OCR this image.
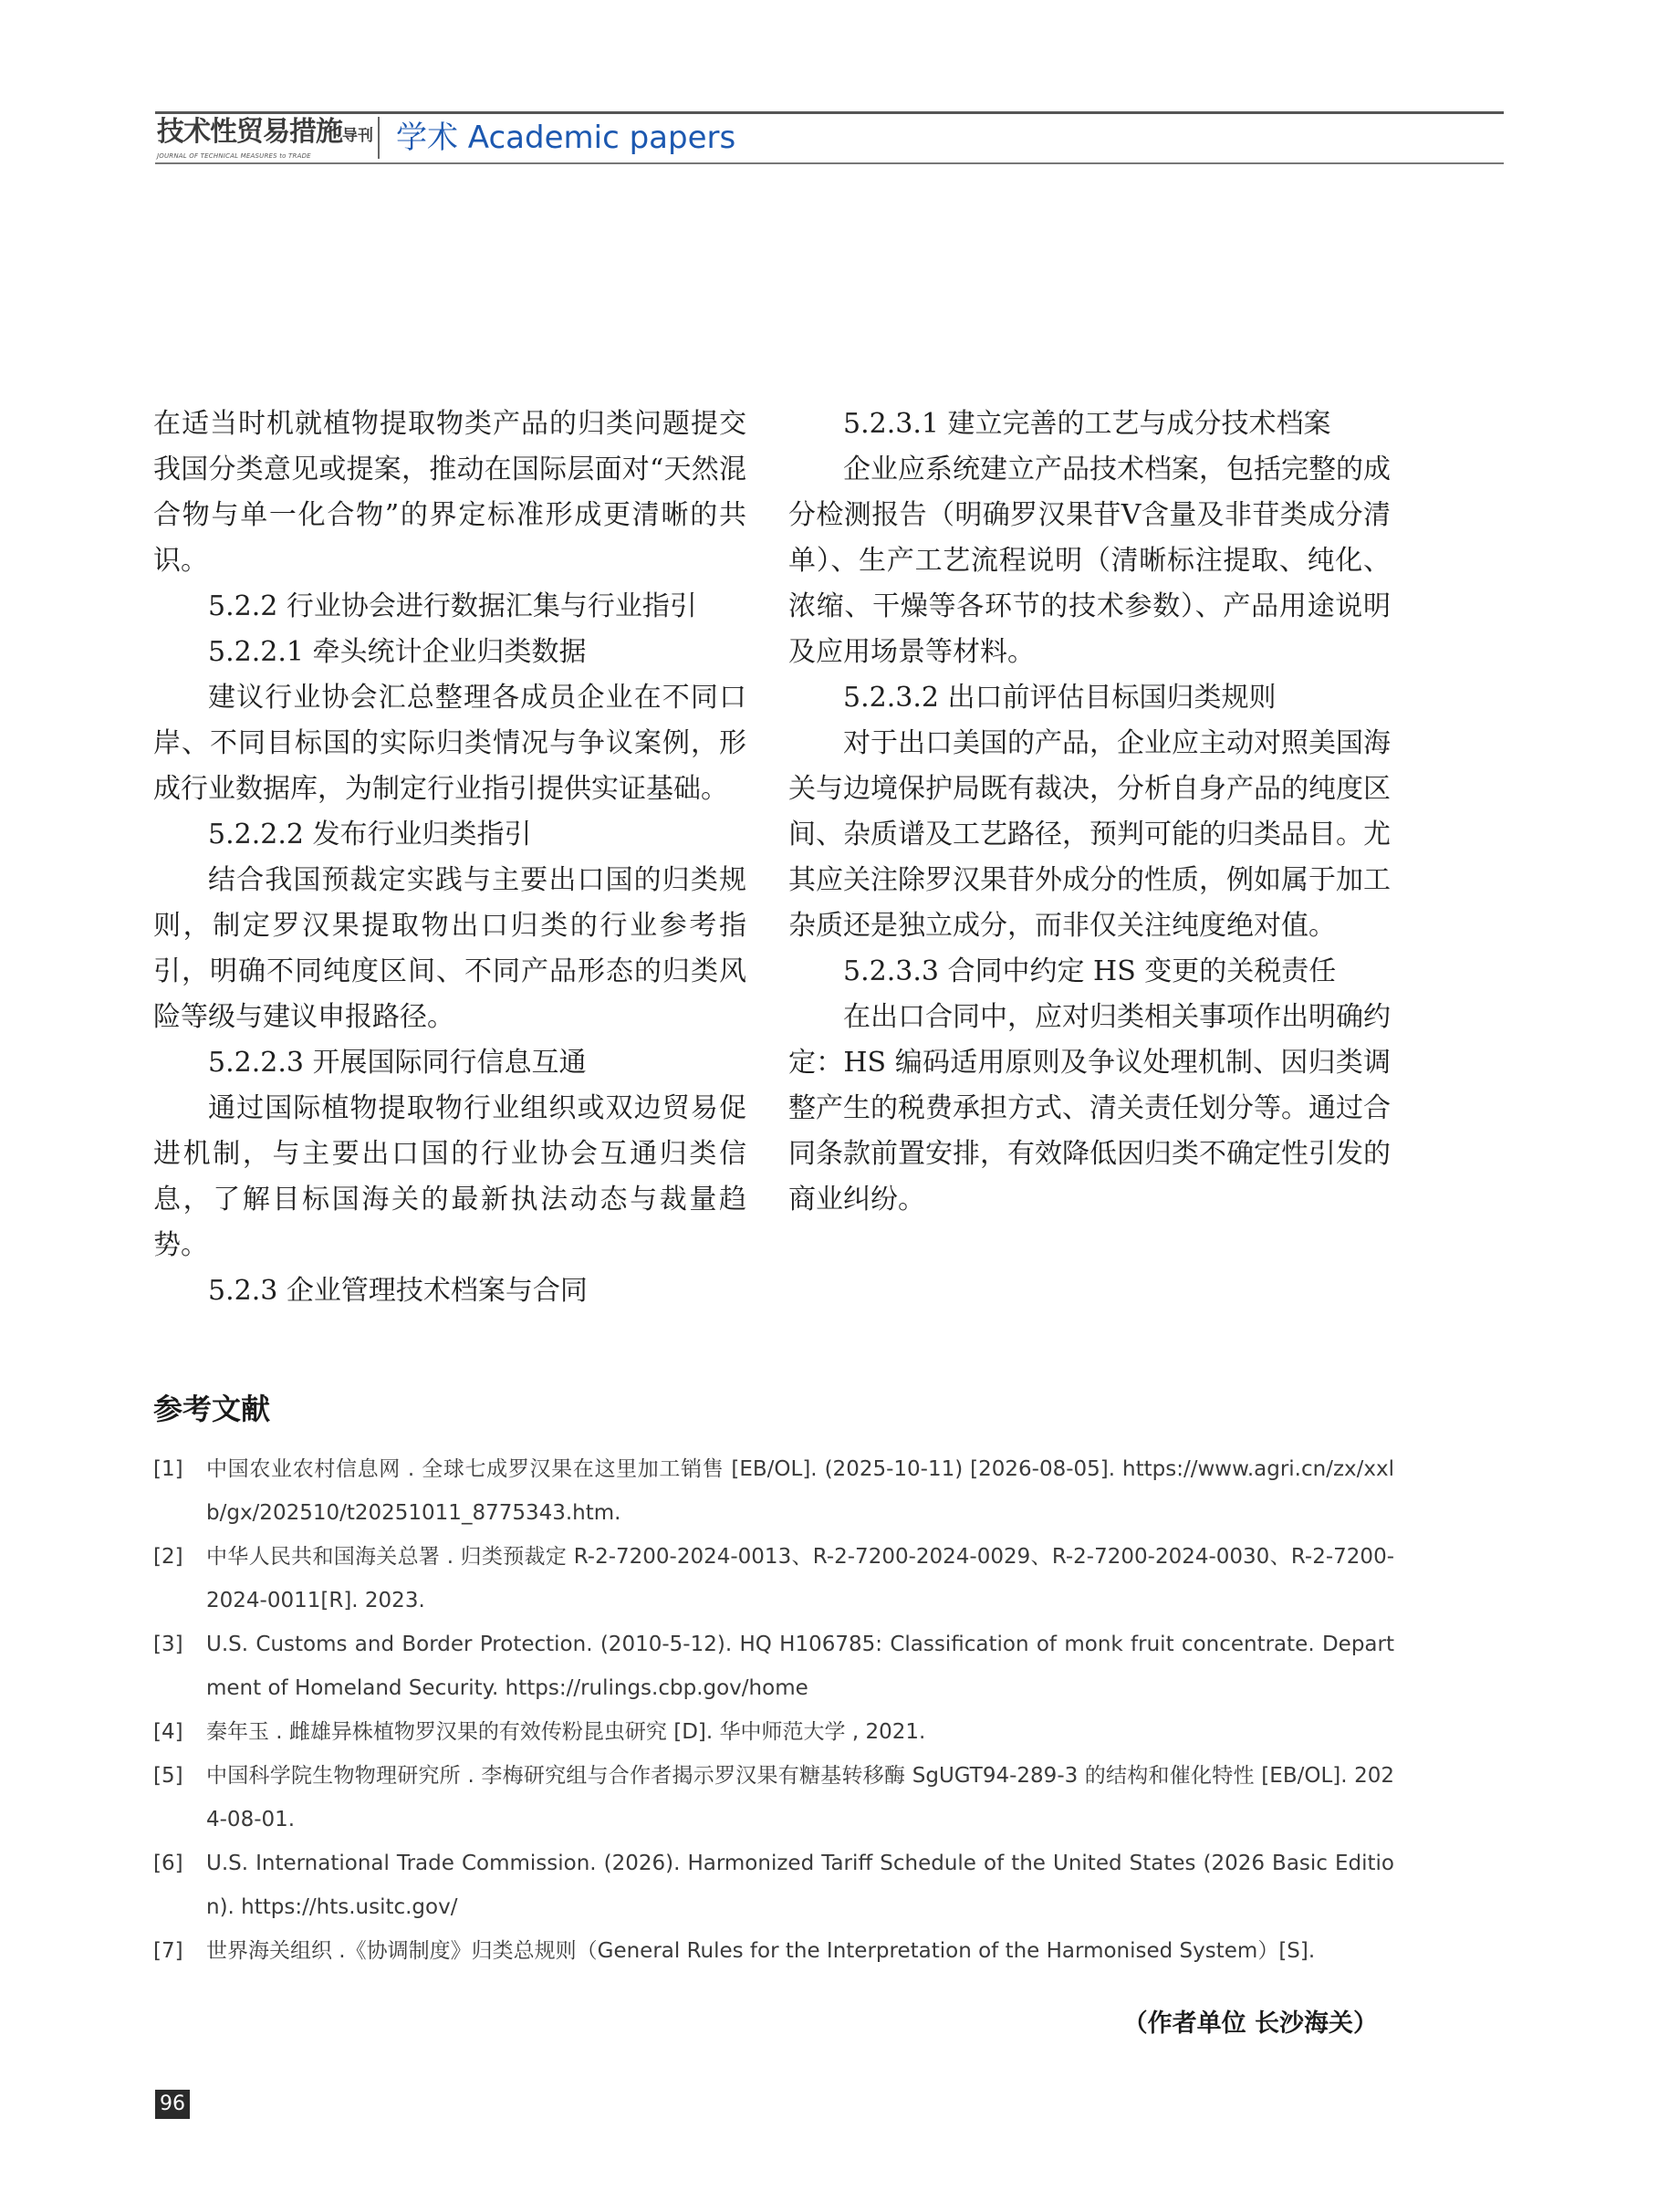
技术性贸易措施导刊
JOURNAL OF TECHNICAL MEASURES to TRADE	学术 Academic papers

在适当时机就植物提取物类产品的归类问题提交我国分类意见或提案，推动在国际层面对“天然混合物与单一化合物”的界定标准形成更清晰的共识。

5.2.2 行业协会进行数据汇集与行业指引

5.2.2.1 牵头统计企业归类数据

建议行业协会汇总整理各成员企业在不同口岸、不同目标国的实际归类情况与争议案例，形成行业数据库，为制定行业指引提供实证基础。

5.2.2.2 发布行业归类指引

结合我国预裁定实践与主要出口国的归类规则，制定罗汉果提取物出口归类的行业参考指引，明确不同纯度区间、不同产品形态的归类风险等级与建议申报路径。

5.2.2.3 开展国际同行信息互通

通过国际植物提取物行业组织或双边贸易促进机制，与主要出口国的行业协会互通归类信息，了解目标国海关的最新执法动态与裁量趋势。

5.2.3 企业管理技术档案与合同

5.2.3.1 建立完善的工艺与成分技术档案

企业应系统建立产品技术档案，包括完整的成分检测报告（明确罗汉果苷V含量及非苷类成分清单）、生产工艺流程说明（清晰标注提取、纯化、浓缩、干燥等各环节的技术参数）、产品用途说明及应用场景等材料。

5.2.3.2 出口前评估目标国归类规则

对于出口美国的产品，企业应主动对照美国海关与边境保护局既有裁决，分析自身产品的纯度区间、杂质谱及工艺路径，预判可能的归类品目。尤其应关注除罗汉果苷外成分的性质，例如属于加工杂质还是独立成分，而非仅关注纯度绝对值。

5.2.3.3 合同中约定 HS 变更的关税责任

在出口合同中，应对归类相关事项作出明确约定：HS 编码适用原则及争议处理机制、因归类调整产生的税费承担方式、清关责任划分等。通过合同条款前置安排，有效降低因归类不确定性引发的商业纠纷。

参考文献
[1] 中国农业农村信息网 . 全球七成罗汉果在这里加工销售 [EB/OL]. (2025-10-11) [2026-08-05]. https://www.agri.cn/zx/xxlb/gx/202510/t20251011_8775343.htm.
[2] 中华人民共和国海关总署 . 归类预裁定 R-2-7200-2024-0013、R-2-7200-2024-0029、R-2-7200-2024-0030、R-2-7200-2024-0011[R]. 2023.
[3] U.S. Customs and Border Protection. (2010-5-12). HQ H106785: Classification of monk fruit concentrate. Department of Homeland Security. https://rulings.cbp.gov/home
[4] 秦年玉 . 雌雄异株植物罗汉果的有效传粉昆虫研究 [D]. 华中师范大学 , 2021.
[5] 中国科学院生物物理研究所 . 李梅研究组与合作者揭示罗汉果有糖基转移酶 SgUGT94-289-3 的结构和催化特性 [EB/OL]. 2024-08-01.
[6] U.S. International Trade Commission. (2026). Harmonized Tariff Schedule of the United States (2026 Basic Edition). https://hts.usitc.gov/
[7] 世界海关组织 .《协调制度》归类总规则（General Rules for the Interpretation of the Harmonised System）[S].
（作者单位 长沙海关）
96
